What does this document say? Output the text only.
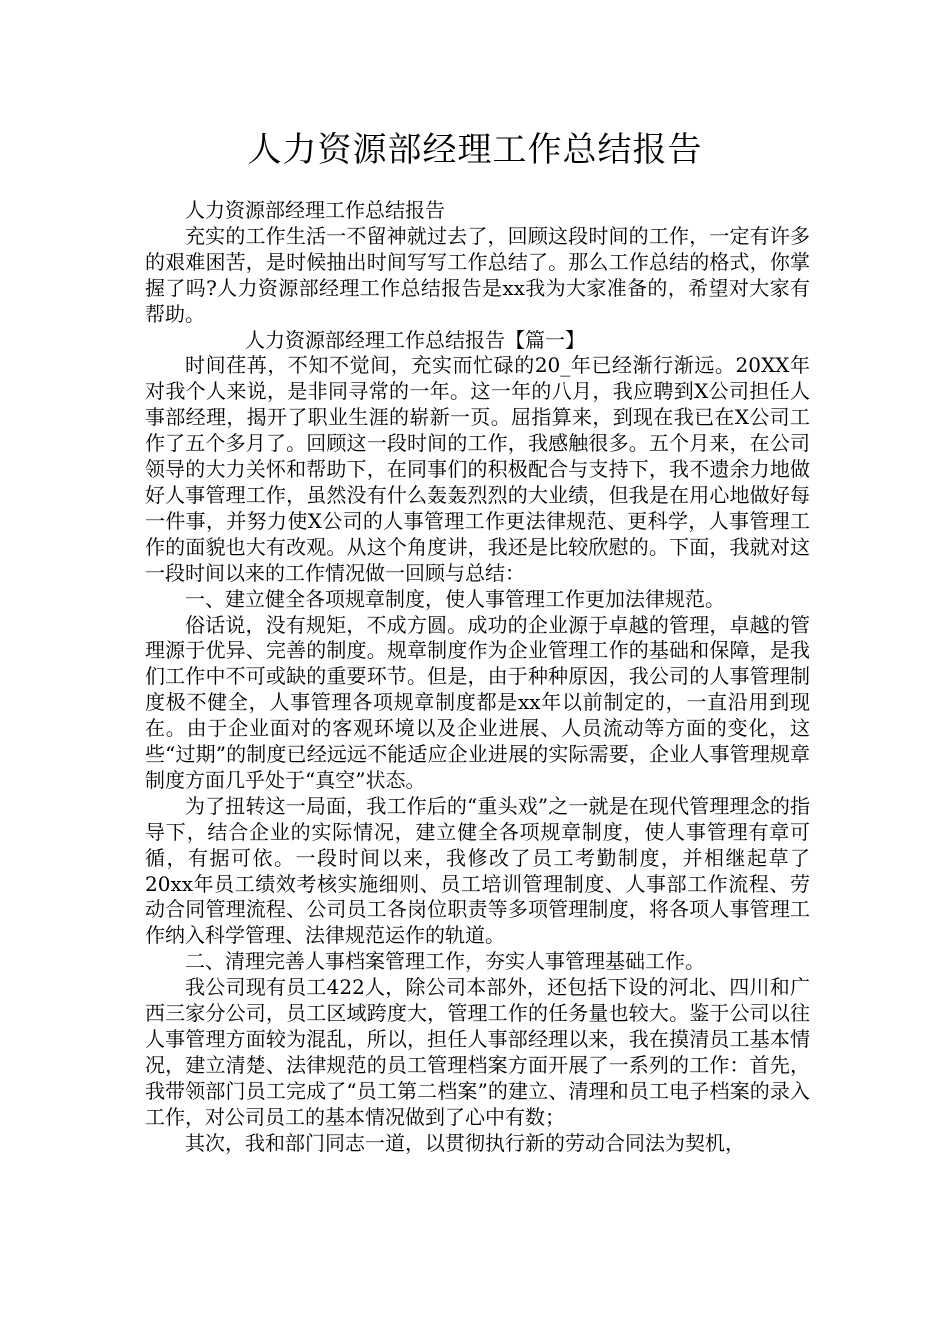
人力资源部经理工作总结报告

人力资源部经理工作总结报告

充实的工作生活一不留神就过去了，回顾这段时间的工作，一定有许多的艰难困苦，是时候抽出时间写写工作总结了。那么工作总结的格式，你掌握了吗?人力资源部经理工作总结报告是xx我为大家准备的，希望对大家有帮助。

人力资源部经理工作总结报告【篇一】

时间荏苒，不知不觉间，充实而忙碌的20_年已经渐行渐远。20XX年对我个人来说，是非同寻常的一年。这一年的八月，我应聘到X公司担任人事部经理，揭开了职业生涯的崭新一页。屈指算来，到现在我已在X公司工作了五个多月了。回顾这一段时间的工作，我感触很多。五个月来，在公司领导的大力关怀和帮助下，在同事们的积极配合与支持下，我不遗余力地做好人事管理工作，虽然没有什么轰轰烈烈的大业绩，但我是在用心地做好每一件事，并努力使X公司的人事管理工作更法律规范、更科学，人事管理工作的面貌也大有改观。从这个角度讲，我还是比较欣慰的。下面，我就对这一段时间以来的工作情况做一回顾与总结：

一、建立健全各项规章制度，使人事管理工作更加法律规范。

俗话说，没有规矩，不成方圆。成功的企业源于卓越的管理，卓越的管理源于优异、完善的制度。规章制度作为企业管理工作的基础和保障，是我们工作中不可或缺的重要环节。但是，由于种种原因，我公司的人事管理制度极不健全，人事管理各项规章制度都是xx年以前制定的，一直沿用到现在。由于企业面对的客观环境以及企业进展、人员流动等方面的变化，这些“过期”的制度已经远远不能适应企业进展的实际需要，企业人事管理规章制度方面几乎处于“真空”状态。

为了扭转这一局面，我工作后的“重头戏”之一就是在现代管理理念的指导下，结合企业的实际情况，建立健全各项规章制度，使人事管理有章可循，有据可依。一段时间以来，我修改了员工考勤制度，并相继起草了20xx年员工绩效考核实施细则、员工培训管理制度、人事部工作流程、劳动合同管理流程、公司员工各岗位职责等多项管理制度，将各项人事管理工作纳入科学管理、法律规范运作的轨道。

二、清理完善人事档案管理工作，夯实人事管理基础工作。

我公司现有员工422人，除公司本部外，还包括下设的河北、四川和广西三家分公司，员工区域跨度大，管理工作的任务量也较大。鉴于公司以往人事管理方面较为混乱，所以，担任人事部经理以来，我在摸清员工基本情况，建立清楚、法律规范的员工管理档案方面开展了一系列的工作：首先，我带领部门员工完成了“员工第二档案”的建立、清理和员工电子档案的录入工作，对公司员工的基本情况做到了心中有数；

其次，我和部门同志一道，以贯彻执行新的劳动合同法为契机，
